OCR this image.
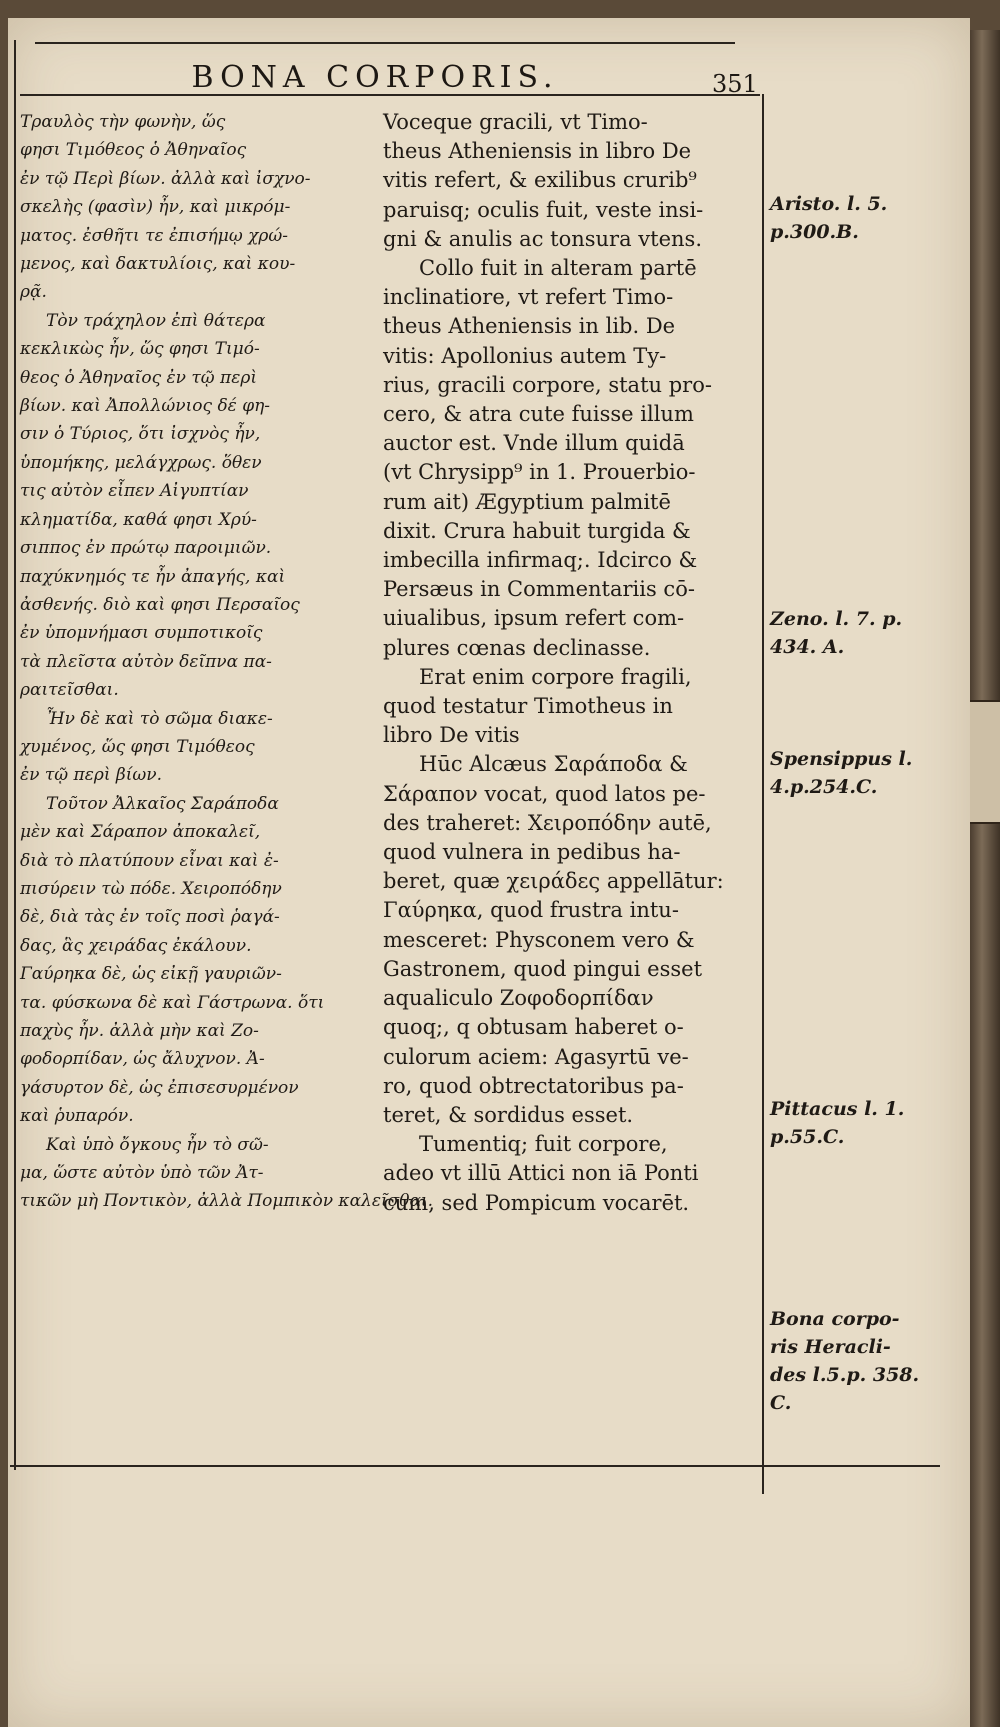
BONA CORPORIS.	351
Τραυλὸς τὴν φωνὴν, ὥς
φησι Τιμόθεος ὁ Ἀθηναῖος
ἐν τῷ Περὶ βίων. ἀλλὰ καὶ ἰσχνο-
σκελὴς (φασὶν) ἦν, καὶ μικρόμ-
ματος. ἐσθῆτι τε ἐπισήμῳ χρώ-
μενος, καὶ δακτυλίοις, καὶ κου-
ρᾷ.
Τὸν τράχηλον ἐπὶ θάτερα
κεκλικὼς ἦν, ὥς φησι Τιμό-
θεος ὁ Ἀθηναῖος ἐν τῷ περὶ
βίων. καὶ Ἀπολλώνιος δέ φη-
σιν ὁ Τύριος, ὅτι ἰσχνὸς ἦν,
ὑπομήκης, μελάγχρως. ὅθεν
τις αὐτὸν εἶπεν Αἰγυπτίαν
κληματίδα, καθά φησι Χρύ-
σιππος ἐν πρώτῳ παροιμιῶν.
παχύκνημός τε ἦν ἀπαγής, καὶ
ἀσθενής. διὸ καὶ φησι Περσαῖος
ἐν ὑπομνήμασι συμποτικοῖς
τὰ πλεῖστα αὐτὸν δεῖπνα πα-
ραιτεῖσθαι.
Ἦν δὲ καὶ τὸ σῶμα διακε-
χυμένος, ὥς φησι Τιμόθεος
ἐν τῷ περὶ βίων.
Τοῦτον Ἀλκαῖος Σαράποδα
μὲν καὶ Σάραπον ἀποκαλεῖ,
διὰ τὸ πλατύπουν εἶναι καὶ ἐ-
πισύρειν τὼ πόδε. Χειροπόδην
δὲ, διὰ τὰς ἐν τοῖς ποσὶ ῥαγά-
δας, ἃς χειράδας ἐκάλουν.
Γαύρηκα δὲ, ὡς εἰκῇ γαυριῶν-
τα. φύσκωνα δὲ καὶ Γάστρωνα. ὅτι
παχὺς ἦν. ἀλλὰ μὴν καὶ Ζο-
φοδορπίδαν, ὡς ἄλυχνον. Ἀ-
γάσυρτον δὲ, ὡς ἐπισεσυρμένον
καὶ ῥυπαρόν.
Καὶ ὑπὸ ὄγκους ἦν τὸ σῶ-
μα, ὥστε αὐτὸν ὑπὸ τῶν Ἀτ-
τικῶν μὴ Ποντικὸν, ἀλλὰ Πομπικὸν καλεῖσθαι.
Voceque gracili, vt Timo-
theus Atheniensis in libro De
vitis refert, & exilibus crurib⁹
paruisq; oculis fuit, veste insi-
gni & anulis ac tonsura vtens.
Collo fuit in alteram partē
inclinatiore, vt refert Timo-
theus Atheniensis in lib. De
vitis: Apollonius autem Ty-
rius, gracili corpore, statu pro-
cero, & atra cute fuisse illum
auctor est. Vnde illum quidā
(vt Chrysipp⁹ in 1. Prouerbio-
rum ait) Ægyptium palmitē
dixit. Crura habuit turgida &
imbecilla infirmaq;. Idcirco &
Persæus in Commentariis cō-
uiualibus, ipsum refert com-
plures cœnas declinasse.
Erat enim corpore fragili,
quod testatur Timotheus in
libro De vitis
Hūc Alcæus Σαράποδα &
Σάραπον vocat, quod latos pe-
des traheret: Χειροπόδην autē,
quod vulnera in pedibus ha-
beret, quæ χειράδες appellātur:
Γαύρηκα, quod frustra intu-
mesceret: Physconem vero &
Gastronem, quod pingui esset
aqualiculo Ζοφοδορπίδαν
quoq;, q obtusam haberet o-
culorum aciem: Agasyrtū ve-
ro, quod obtrectatoribus pa-
teret, & sordidus esset.
Tumentiq; fuit corpore,
adeo vt illū Attici non iā Ponti
cum, sed Pompicum vocarēt.
Aristo. l. 5.
p.300.B.
Zeno. l. 7. p.
434. A.
Spensippus l.
4.p.254.C.
Pittacus l. 1.
p.55.C.
Bona corpo-
ris Heracli-
des l.5.p. 358.
C.
